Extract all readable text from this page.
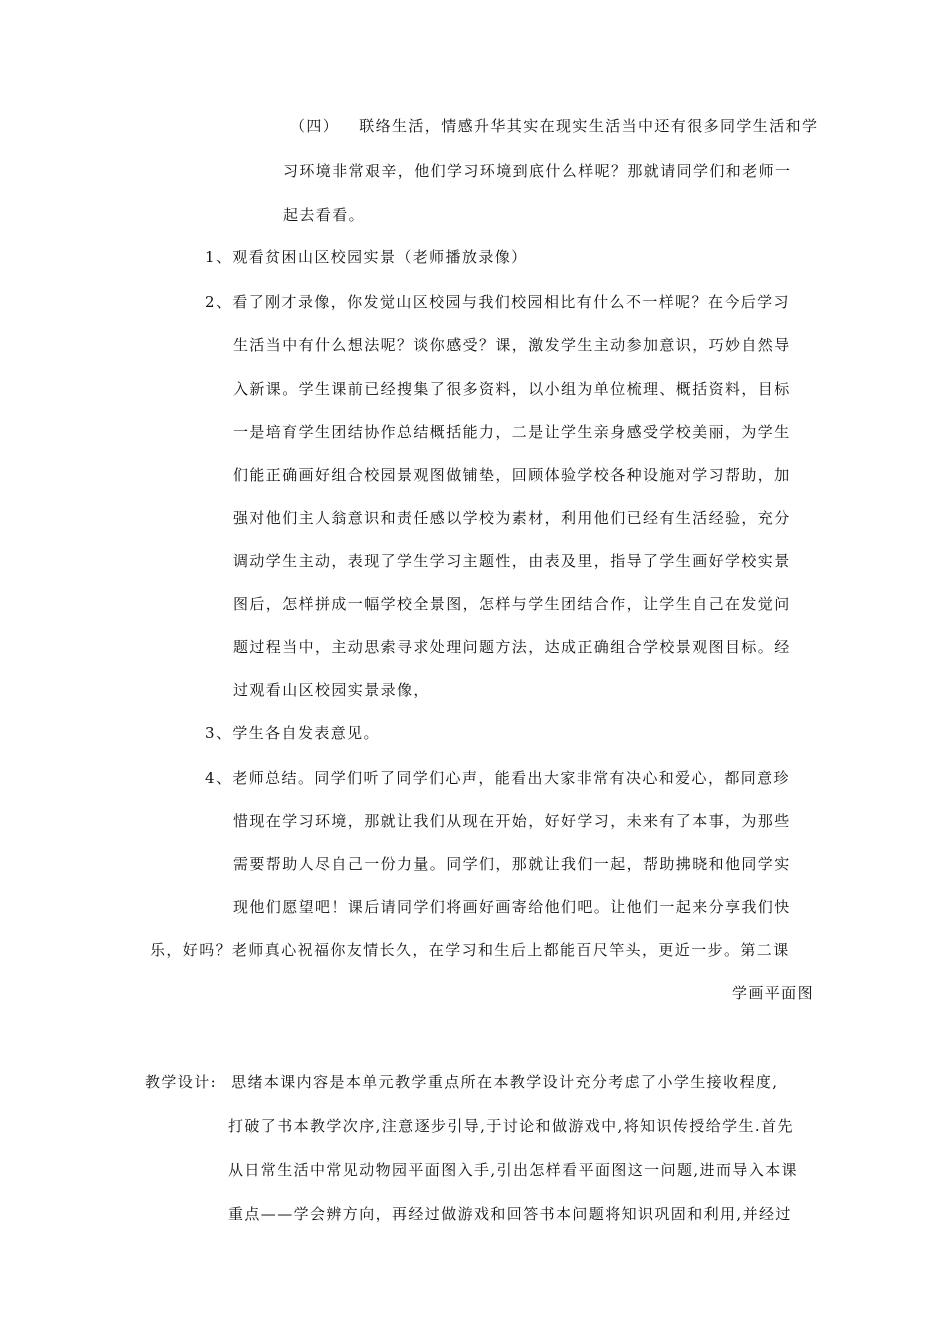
（四） 联络生活，情感升华其实在现实生活当中还有很多同学生活和学
习环境非常艰辛，他们学习环境到底什么样呢？那就请同学们和老师一
起去看看。
1、观看贫困山区校园实景（老师播放录像）
2、看了刚才录像，你发觉山区校园与我们校园相比有什么不一样呢？在今后学习
生活当中有什么想法呢？谈你感受？课，激发学生主动参加意识，巧妙自然导
入新课。学生课前已经搜集了很多资料，以小组为单位梳理、概括资料，目标
一是培育学生团结协作总结概括能力，二是让学生亲身感受学校美丽，为学生
们能正确画好组合校园景观图做铺垫，回顾体验学校各种设施对学习帮助，加
强对他们主人翁意识和责任感以学校为素材，利用他们已经有生活经验，充分
调动学生主动，表现了学生学习主题性，由表及里，指导了学生画好学校实景
图后，怎样拼成一幅学校全景图，怎样与学生团结合作，让学生自己在发觉问
题过程当中，主动思索寻求处理问题方法，达成正确组合学校景观图目标。经
过观看山区校园实景录像，
3、学生各自发表意见。
4、老师总结。同学们听了同学们心声，能看出大家非常有决心和爱心，都同意珍
惜现在学习环境，那就让我们从现在开始，好好学习，未来有了本事，为那些
需要帮助人尽自己一份力量。同学们，那就让我们一起，帮助拂晓和他同学实
现他们愿望吧！课后请同学们将画好画寄给他们吧。让他们一起来分享我们快
乐，好吗？老师真心祝福你友情长久，在学习和生后上都能百尺竿头，更近一步。第二课
学画平面图
教学设计: 思绪本课内容是本单元教学重点所在本教学设计充分考虑了小学生接收程度,
打破了书本教学次序,注意逐步引导,于讨论和做游戏中,将知识传授给学生.首先
从日常生活中常见动物园平面图入手,引出怎样看平面图这一问题,进而导入本课
重点——学会辨方向，再经过做游戏和回答书本问题将知识巩固和利用,并经过
